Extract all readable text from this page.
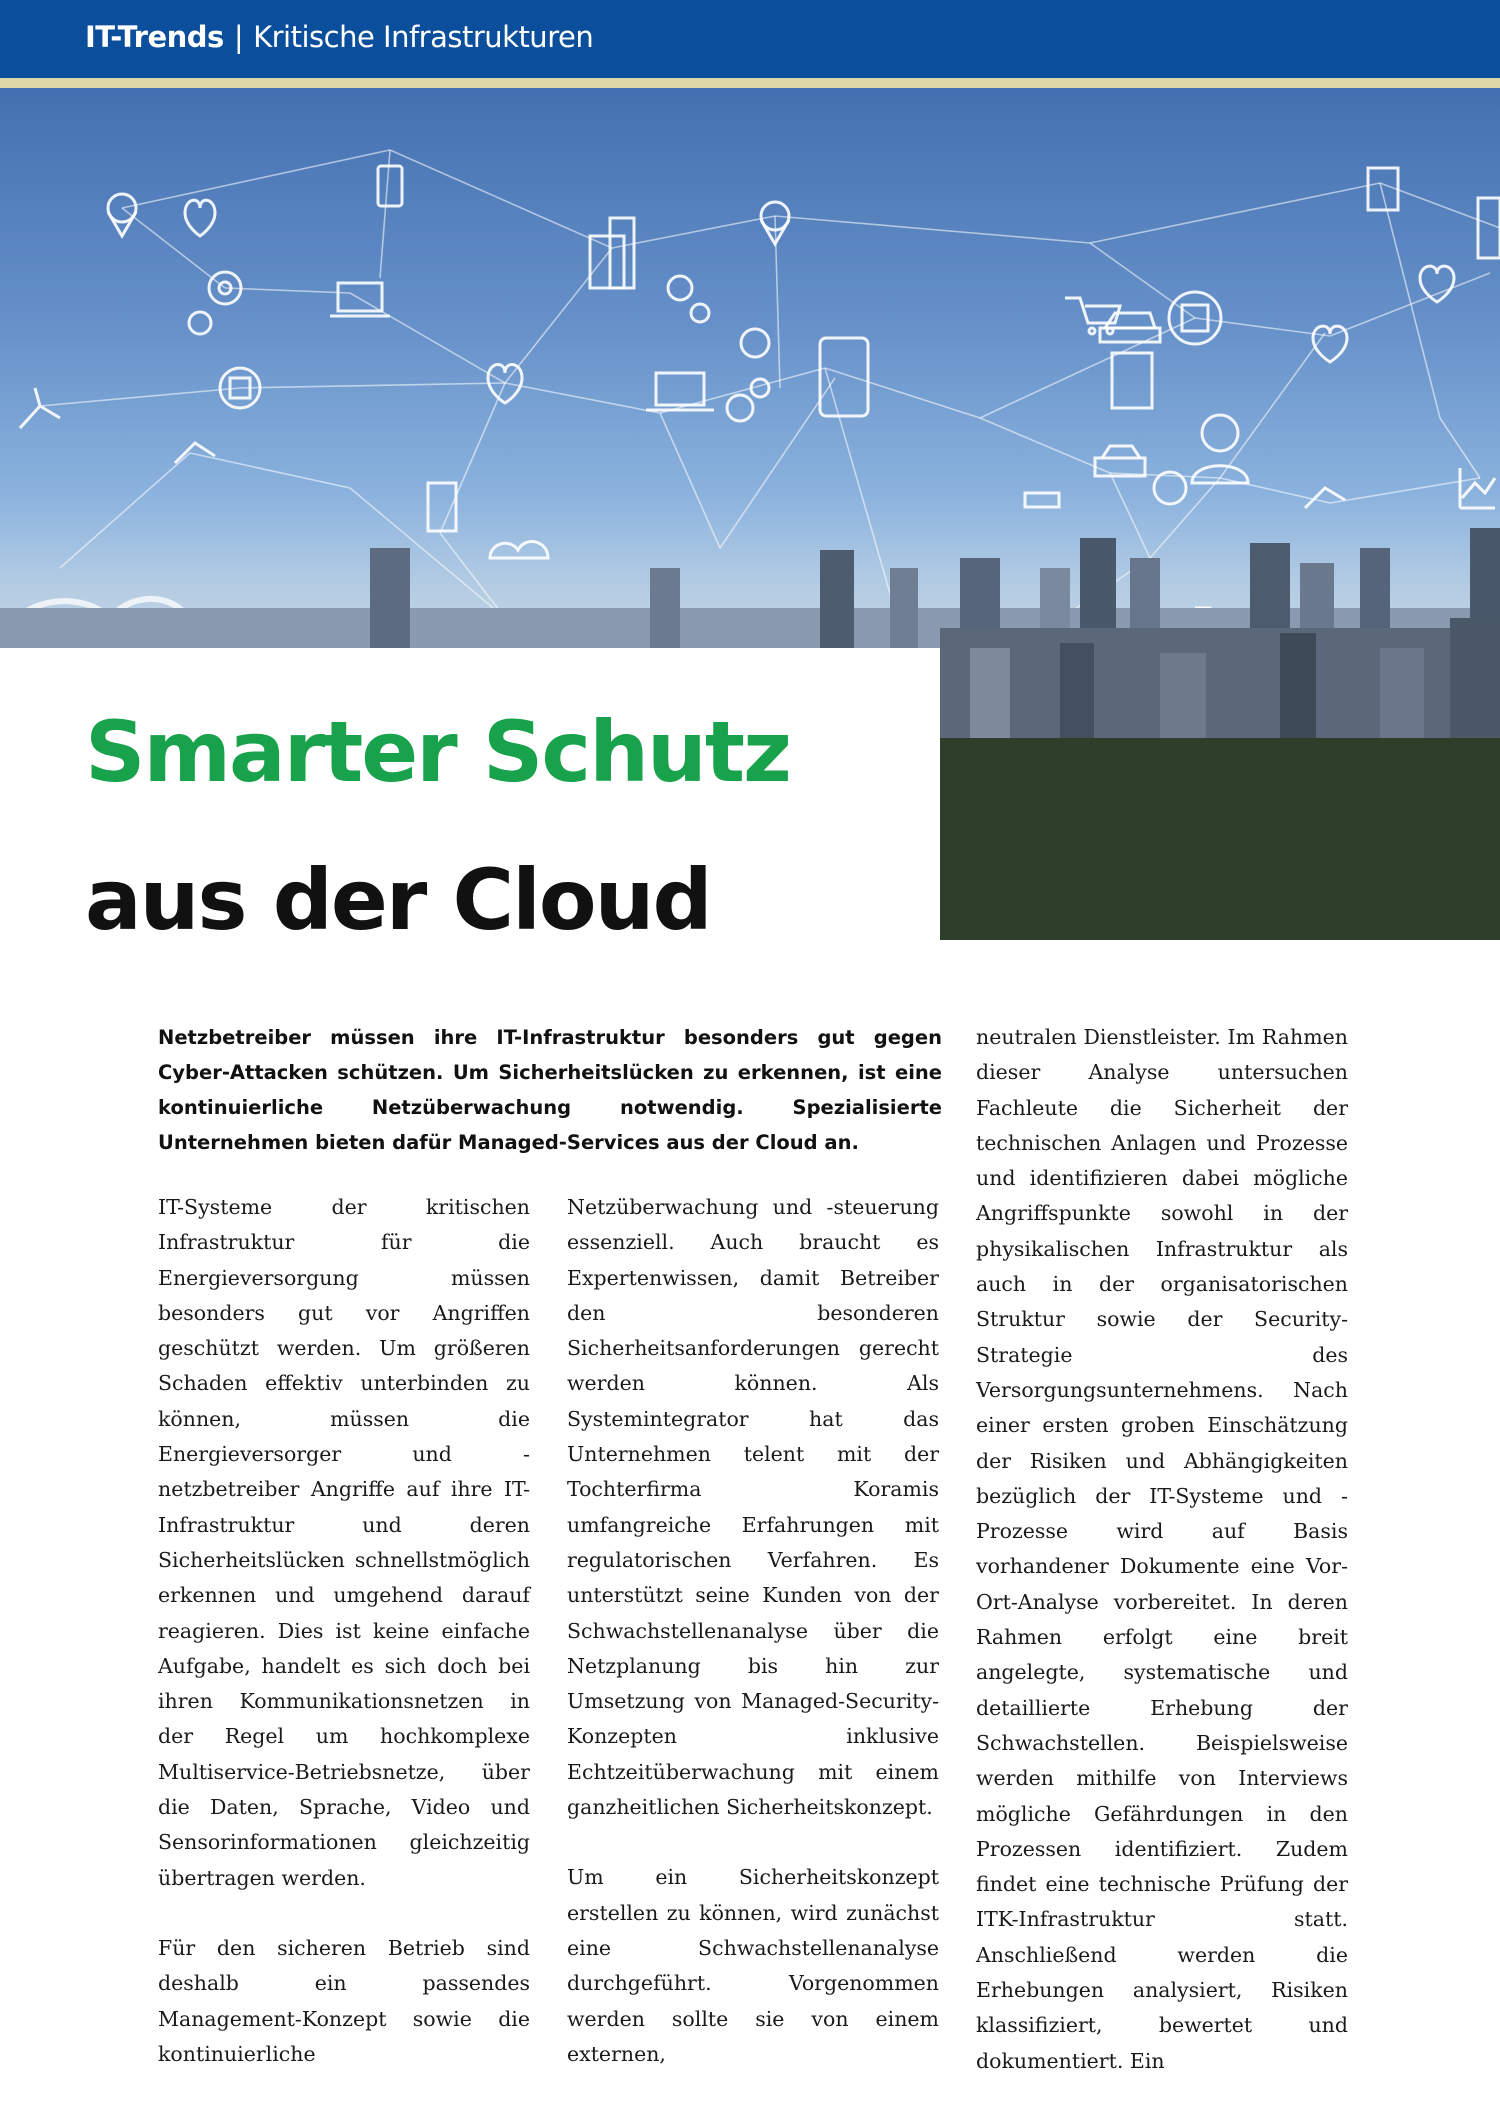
IT-Trends | Kritische Infrastrukturen
Smarter Schutz
aus der Cloud
Netzbetreiber müssen ihre IT-Infrastruktur besonders gut gegen Cyber-Attacken schützen. Um Sicherheitslücken zu erkennen, ist eine kontinuierliche Netzüberwachung notwendig. Spezialisierte Unternehmen bieten dafür Managed-Services aus der Cloud an.

IT-Systeme der kritischen Infrastruktur für die Energieversorgung müssen besonders gut vor Angriffen geschützt werden. Um größeren Schaden effektiv unterbinden zu können, müssen die Energieversorger und -netzbetreiber Angriffe auf ihre IT-Infrastruktur und deren Sicherheitslücken schnellstmöglich erkennen und umgehend darauf reagieren. Dies ist keine einfache Aufgabe, handelt es sich doch bei ihren Kommunikationsnetzen in der Regel um hochkomplexe Multiservice-Betriebsnetze, über die Daten, Sprache, Video und Sensorinformationen gleichzeitig übertragen werden.

Für den sicheren Betrieb sind deshalb ein passendes Management-Konzept sowie die kontinuierliche

Netzüberwachung und -steuerung essenziell. Auch braucht es Expertenwissen, damit Betreiber den besonderen Sicherheitsanforderungen gerecht werden können. Als Systemintegrator hat das Unternehmen telent mit der Tochterfirma Koramis umfangreiche Erfahrungen mit regulatorischen Verfahren. Es unterstützt seine Kunden von der Schwachstellenanalyse über die Netzplanung bis hin zur Umsetzung von Managed-Security-Konzepten inklusive Echtzeitüberwachung mit einem ganzheitlichen Sicherheitskonzept.

Um ein Sicherheitskonzept erstellen zu können, wird zunächst eine Schwachstellenanalyse durchgeführt. Vorgenommen werden sollte sie von einem externen,

neutralen Dienstleister. Im Rahmen dieser Analyse untersuchen Fachleute die Sicherheit der technischen Anlagen und Prozesse und identifizieren dabei mögliche Angriffspunkte sowohl in der physikalischen Infrastruktur als auch in der organisatorischen Struktur sowie der Security-Strategie des Versorgungsunternehmens. Nach einer ersten groben Einschätzung der Risiken und Abhängigkeiten bezüglich der IT-Systeme und -Prozesse wird auf Basis vorhandener Dokumente eine Vor-Ort-Analyse vorbereitet. In deren Rahmen erfolgt eine breit angelegte, systematische und detaillierte Erhebung der Schwachstellen. Beispielsweise werden mithilfe von Interviews mögliche Gefährdungen in den Prozessen identifiziert. Zudem findet eine technische Prüfung der ITK-Infrastruktur statt. Anschließend werden die Erhebungen analysiert, Risiken klassifiziert, bewertet und dokumentiert. Ein
